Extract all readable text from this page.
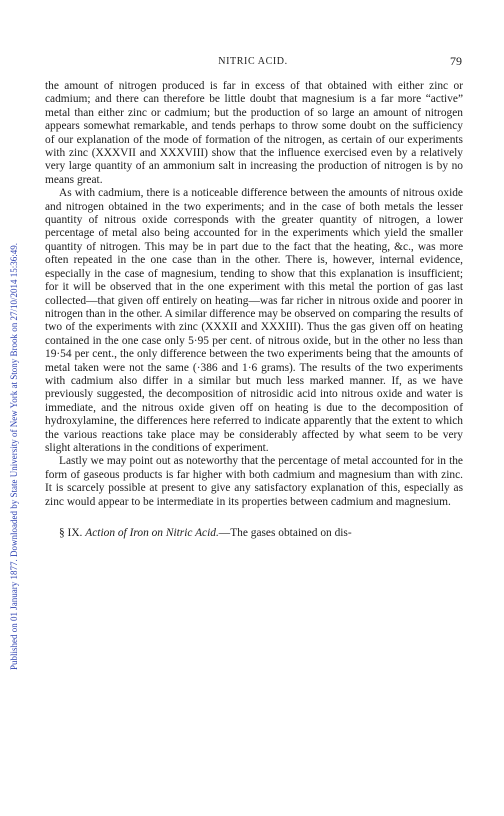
Published on 01 January 1877. Downloaded by State University of New York at Stony Brook on 27/10/2014 15:36:49.
NITRIC ACID.	79

the amount of nitrogen produced is far in excess of that obtained with either zinc or cadmium; and there can therefore be little doubt that magnesium is a far more “active” metal than either zinc or cadmium; but the production of so large an amount of nitrogen appears somewhat remarkable, and tends perhaps to throw some doubt on the sufficiency of our explanation of the mode of formation of the nitrogen, as certain of our experiments with zinc (XXXVII and XXXVIII) show that the influence exercised even by a relatively very large quantity of an ammonium salt in increasing the production of nitrogen is by no means great.

As with cadmium, there is a noticeable difference between the amounts of nitrous oxide and nitrogen obtained in the two experiments; and in the case of both metals the lesser quantity of nitrous oxide corresponds with the greater quantity of nitrogen, a lower percentage of metal also being accounted for in the experiments which yield the smaller quantity of nitrogen. This may be in part due to the fact that the heating, &c., was more often repeated in the one case than in the other. There is, however, internal evidence, especially in the case of magnesium, tending to show that this explanation is insufficient; for it will be observed that in the one experiment with this metal the portion of gas last collected—that given off entirely on heating—was far richer in nitrous oxide and poorer in nitrogen than in the other. A similar difference may be observed on comparing the results of two of the experiments with zinc (XXXII and XXXIII). Thus the gas given off on heating contained in the one case only 5·95 per cent. of nitrous oxide, but in the other no less than 19·54 per cent., the only difference between the two experiments being that the amounts of metal taken were not the same (·386 and 1·6 grams). The results of the two experiments with cadmium also differ in a similar but much less marked manner. If, as we have previously suggested, the decomposition of nitrosidic acid into nitrous oxide and water is immediate, and the nitrous oxide given off on heating is due to the decomposition of hydroxylamine, the differences here referred to indicate apparently that the extent to which the various reactions take place may be considerably affected by what seem to be very slight alterations in the conditions of experiment.

Lastly we may point out as noteworthy that the percentage of metal accounted for in the form of gaseous products is far higher with both cadmium and magnesium than with zinc. It is scarcely possible at present to give any satisfactory explanation of this, especially as zinc would appear to be intermediate in its properties between cadmium and magnesium.

§ IX. Action of Iron on Nitric Acid.—The gases obtained on dis-
